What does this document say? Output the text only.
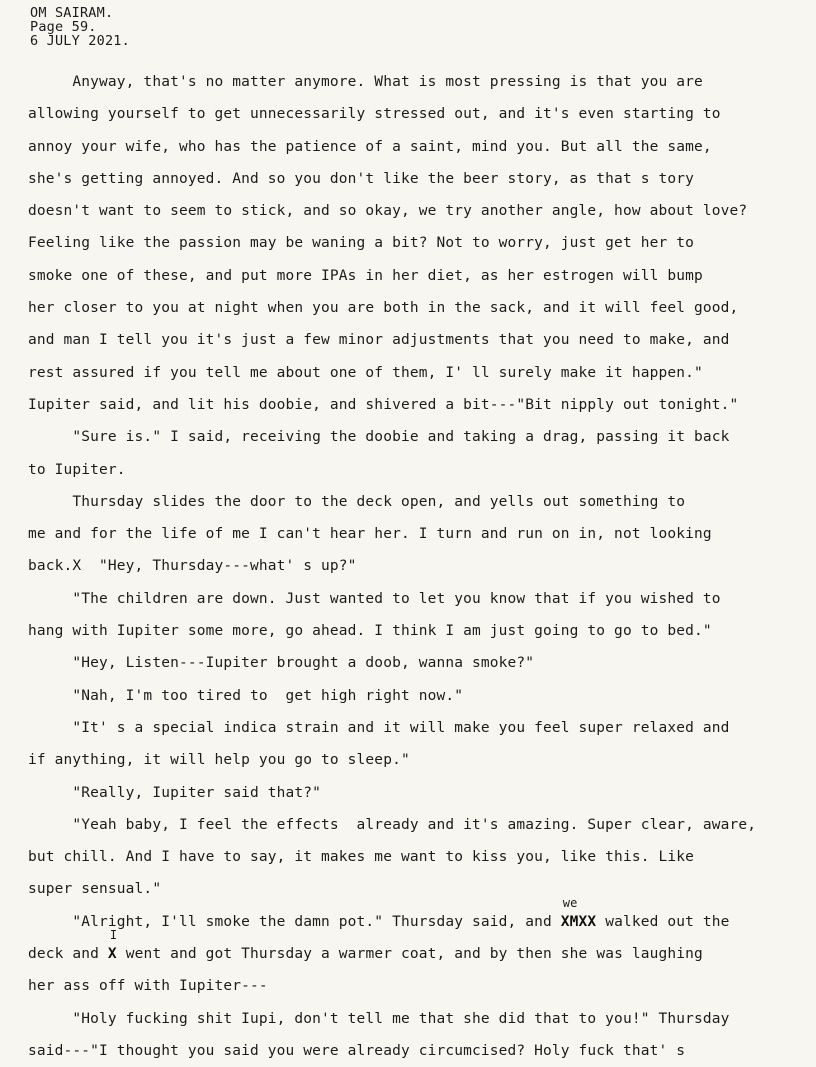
OM SAIRAM.
Page 59.
6 JULY 2021.
Anyway, that's no matter anymore. What is most pressing is that you are
allowing yourself to get unnecessarily stressed out, and it's even starting to
annoy your wife, who has the patience of a saint, mind you. But all the same,
she's getting annoyed. And so you don't like the beer story, as that s tory
doesn't want to seem to stick, and so okay, we try another angle, how about love?
Feeling like the passion may be waning a bit? Not to worry, just get her to
smoke one of these, and put more IPAs in her diet, as her estrogen will bump
her closer to you at night when you are both in the sack, and it will feel good,
and man I tell you it's just a few minor adjustments that you need to make, and
rest assured if you tell me about one of them, I' ll surely make it happen."
Iupiter said, and lit his doobie, and shivered a bit---"Bit nipply out tonight."
"Sure is." I said, receiving the doobie and taking a drag, passing it back
to Iupiter.
Thursday slides the door to the deck open, and yells out something to
me and for the life of me I can't hear her. I turn and run on in, not looking
back.X  "Hey, Thursday---what' s up?"
"The children are down. Just wanted to let you know that if you wished to
hang with Iupiter some more, go ahead. I think I am just going to go to bed."
"Hey, Listen---Iupiter brought a doob, wanna smoke?"
"Nah, I'm too tired to  get high right now."
"It' s a special indica strain and it will make you feel super relaxed and
if anything, it will help you go to sleep."
"Really, Iupiter said that?"
"Yeah baby, I feel the effects  already and it's amazing. Super clear, aware,
but chill. And I have to say, it makes me want to kiss you, like this. Like
super sensual."
"Alright, I'll smoke the damn pot." Thursday said, and
we
XMXX walked out the
deck and
I
X went and got Thursday a warmer coat, and by then she was laughing
her ass off with Iupiter---
"Holy fucking shit Iupi, don't tell me that she did that to you!" Thursday
said---"I thought you said you were already circumcised? Holy fuck that' s
